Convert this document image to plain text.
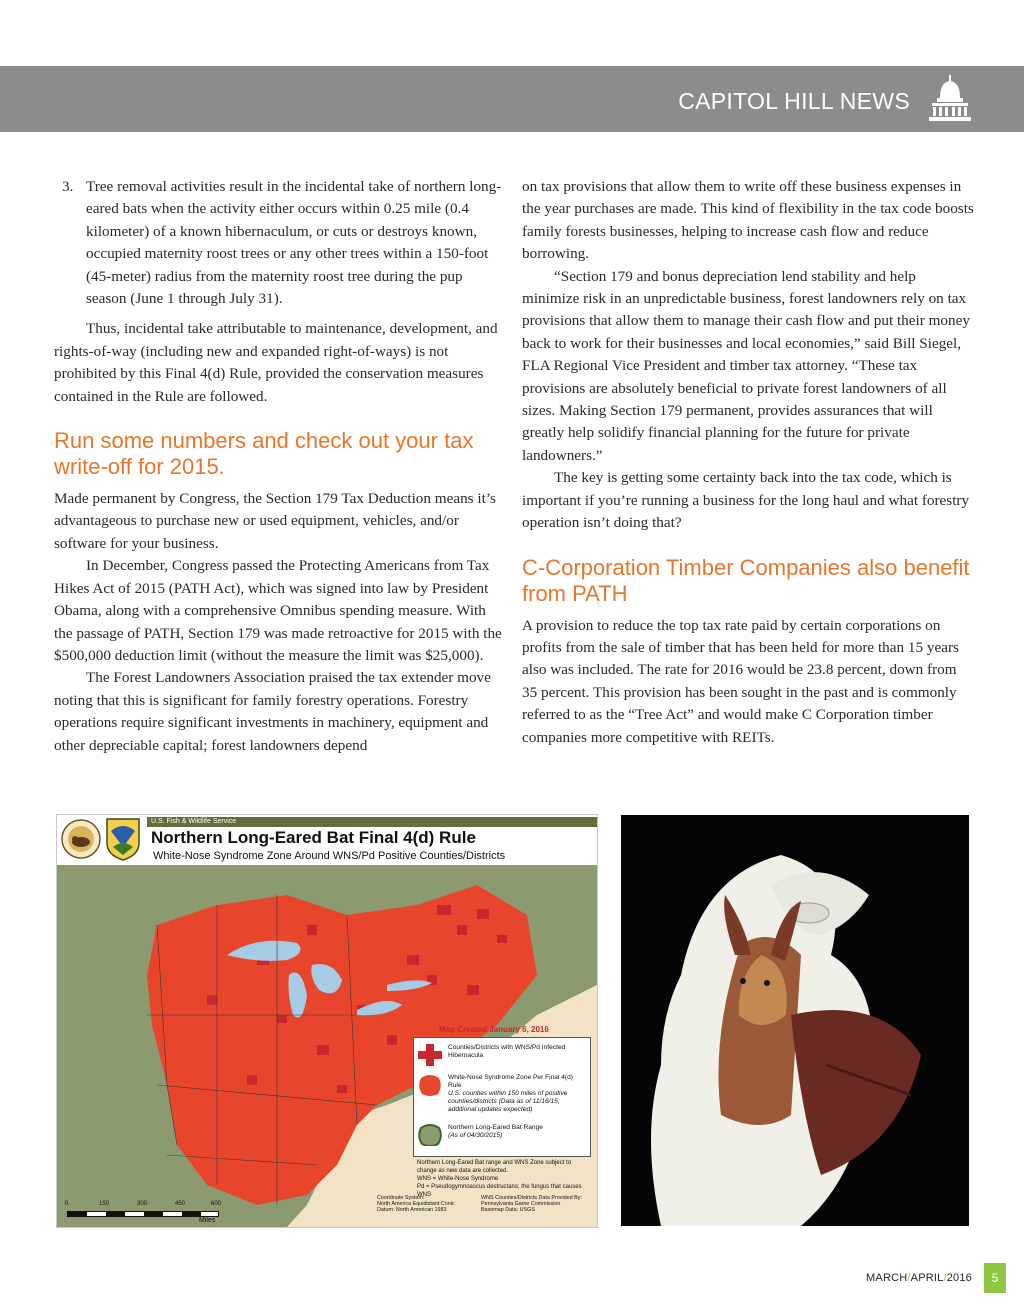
CAPITOL HILL NEWS

3. Tree removal activities result in the incidental take of northern long-eared bats when the activity either occurs within 0.25 mile (0.4 kilometer) of a known hibernaculum, or cuts or destroys known, occupied maternity roost trees or any other trees within a 150-foot (45-meter) radius from the maternity roost tree during the pup season (June 1 through July 31).

Thus, incidental take attributable to maintenance, development, and rights-of-way (including new and expanded right-of-ways) is not prohibited by this Final 4(d) Rule, provided the conservation measures contained in the Rule are followed.

Run some numbers and check out your tax write-off for 2015.

Made permanent by Congress, the Section 179 Tax Deduction means it’s advantageous to purchase new or used equipment, vehicles, and/or software for your business.

In December, Congress passed the Protecting Americans from Tax Hikes Act of 2015 (PATH Act), which was signed into law by President Obama, along with a comprehensive Omnibus spending measure. With the passage of PATH, Section 179 was made retroactive for 2015 with the $500,000 deduction limit (without the measure the limit was $25,000).

The Forest Landowners Association praised the tax extender move noting that this is significant for family forestry operations. Forestry operations require significant investments in machinery, equipment and other depreciable capital; forest landowners depend

on tax provisions that allow them to write off these business expenses in the year purchases are made. This kind of flexibility in the tax code boosts family forests businesses, helping to increase cash flow and reduce borrowing.

“Section 179 and bonus depreciation lend stability and help minimize risk in an unpredictable business, forest landowners rely on tax provisions that allow them to manage their cash flow and put their money back to work for their businesses and local economies,” said Bill Siegel, FLA Regional Vice President and timber tax attorney. “These tax provisions are absolutely beneficial to private forest landowners of all sizes. Making Section 179 permanent, provides assurances that will greatly help solidify financial planning for the future for private landowners.”

The key is getting some certainty back into the tax code, which is important if you’re running a business for the long haul and what forestry operation isn’t doing that?

C-Corporation Timber Companies also benefit from PATH

A provision to reduce the top tax rate paid by certain corporations on profits from the sale of timber that has been held for more than 15 years also was included. The rate for 2016 would be 23.8 percent, down from 35 percent. This provision has been sought in the past and is commonly referred to as the “Tree Act” and would make C Corporation timber companies more competitive with REITs.

U.S. Fish & Wildlife Service
Northern Long-Eared Bat Final 4(d) Rule
White-Nose Syndrome Zone Around WNS/Pd Positive Counties/Districts
Map Created January 6, 2016
Counties/Districts with WNS/Pd Infected Hibernacula
White-Nose Syndrome Zone Per Final 4(d) Rule
U.S. counties within 150 miles of positive counties/districts (Data as of 11/16/15; additional updates expected)
Northern Long-Eared Bat Range
(As of 04/30/2015)
Northern Long-Eared Bat range and WNS Zone subject to change as new data are collected.
WNS = White-Nose Syndrome
Pd = Pseudogymnoascus destructans; the fungus that causes WNS
Coordinate System:
North America Equidistant Conic
Datum: North American 1983
WNS Counties/Districts Data Provided By:
Pennsylvania Game Commission
Basemap Data: USGS
0	150	300	450	600
Miles
MARCH/APRIL/2016	5
